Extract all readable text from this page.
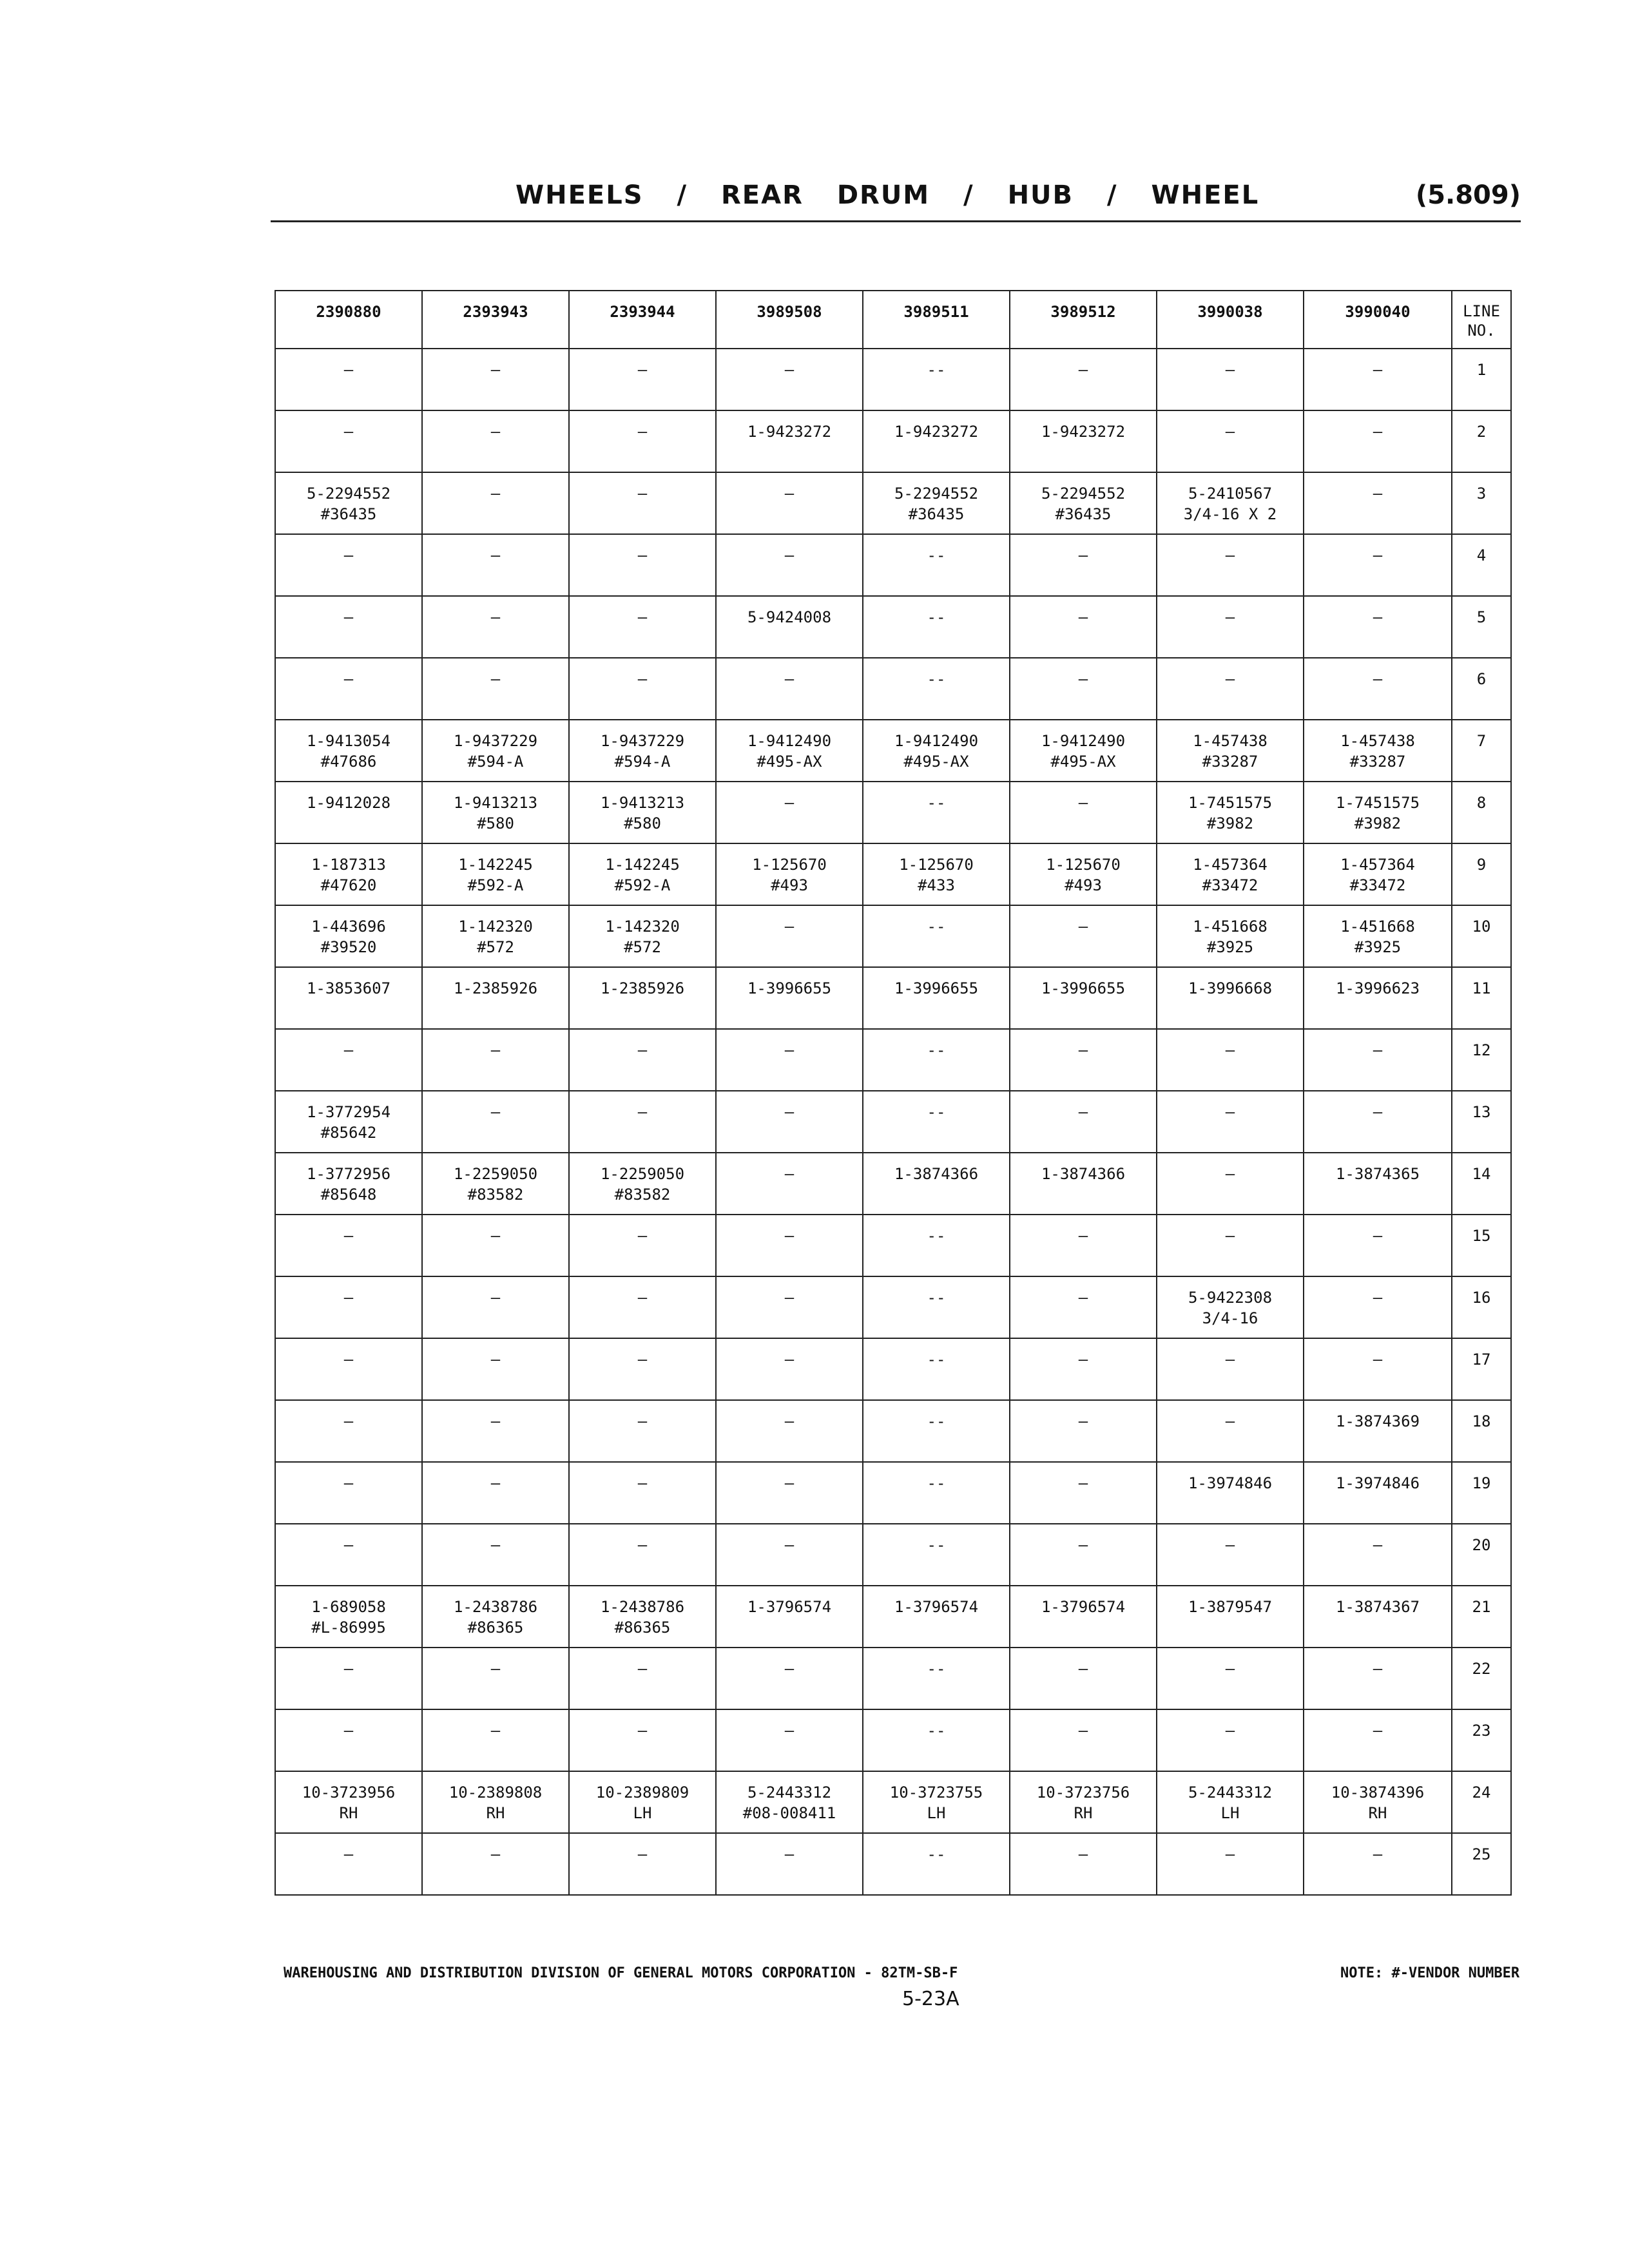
WHEELS / REAR DRUM / HUB / WHEEL	(5.809)
2390880	2393943	2393944	3989508	3989511	3989512	3990038	3990040	LINE
NO.
—	—	—	—	--	—	—	—	1
—	—	—	1-9423272	1-9423272	1-9423272	—	—	2
5-2294552
#36435	—	—	—	5-2294552
#36435	5-2294552
#36435	5-2410567
3/4-16 X 2	—	3
—	—	—	—	--	—	—	—	4
—	—	—	5-9424008	--	—	—	—	5
—	—	—	—	--	—	—	—	6
1-9413054
#47686	1-9437229
#594-A	1-9437229
#594-A	1-9412490
#495-AX	1-9412490
#495-AX	1-9412490
#495-AX	1-457438
#33287	1-457438
#33287	7
1-9412028	1-9413213
#580	1-9413213
#580	—	--	—	1-7451575
#3982	1-7451575
#3982	8
1-187313
#47620	1-142245
#592-A	1-142245
#592-A	1-125670
#493	1-125670
#433	1-125670
#493	1-457364
#33472	1-457364
#33472	9
1-443696
#39520	1-142320
#572	1-142320
#572	—	--	—	1-451668
#3925	1-451668
#3925	10
1-3853607	1-2385926	1-2385926	1-3996655	1-3996655	1-3996655	1-3996668	1-3996623	11
—	—	—	—	--	—	—	—	12
1-3772954
#85642	—	—	—	--	—	—	—	13
1-3772956
#85648	1-2259050
#83582	1-2259050
#83582	—	1-3874366	1-3874366	—	1-3874365	14
—	—	—	—	--	—	—	—	15
—	—	—	—	--	—	5-9422308
3/4-16	—	16
—	—	—	—	--	—	—	—	17
—	—	—	—	--	—	—	1-3874369	18
—	—	—	—	--	—	1-3974846	1-3974846	19
—	—	—	—	--	—	—	—	20
1-689058
#L-86995	1-2438786
#86365	1-2438786
#86365	1-3796574	1-3796574	1-3796574	1-3879547	1-3874367	21
—	—	—	—	--	—	—	—	22
—	—	—	—	--	—	—	—	23
10-3723956
RH	10-2389808
RH	10-2389809
LH	5-2443312
#08-008411	10-3723755
LH	10-3723756
RH	5-2443312
LH	10-3874396
RH	24
—	—	—	—	--	—	—	—	25
WAREHOUSING AND DISTRIBUTION DIVISION OF GENERAL MOTORS CORPORATION - 82TM-SB-F	NOTE: #-VENDOR NUMBER
5-23A
